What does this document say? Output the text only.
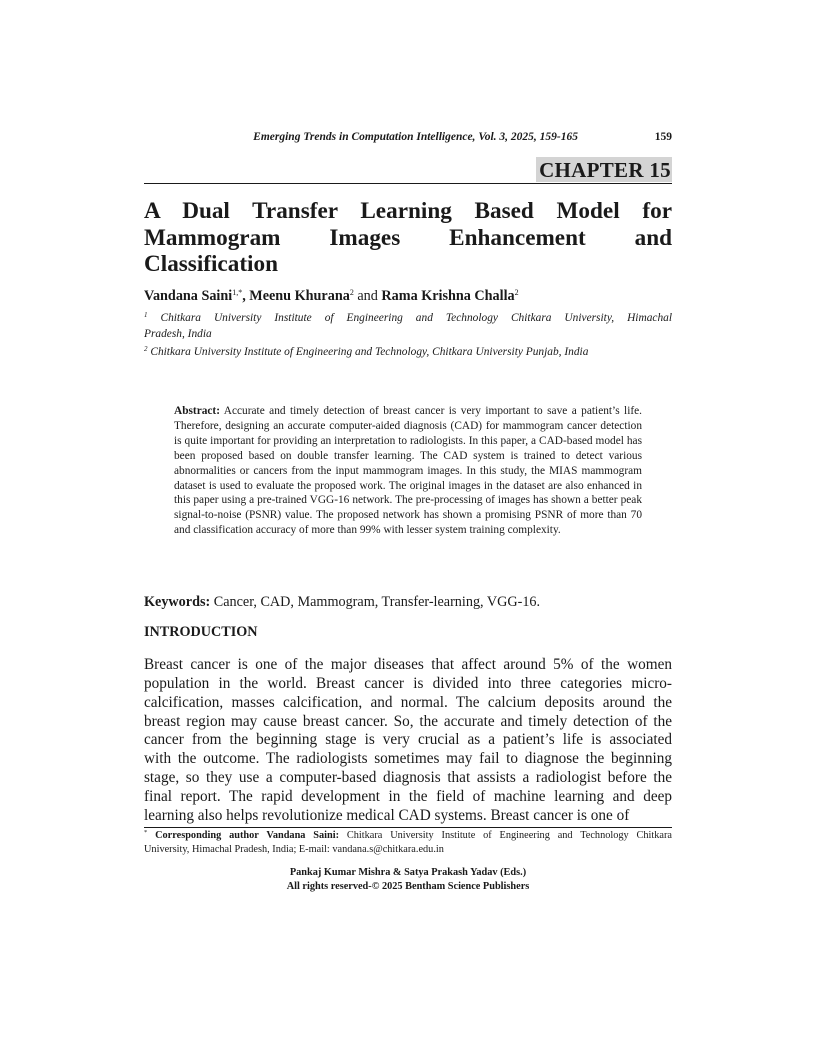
Emerging Trends in Computation Intelligence, Vol. 3, 2025, 159-165	159
CHAPTER 15
A Dual Transfer Learning Based Model for
Mammogram Images Enhancement and
Classification
Vandana Saini$^{1,*}$, Meenu Khurana$^2$ and Rama Krishna Challa$^2$
$^1$ Chitkara University Institute of Engineering and Technology Chitkara University, Himachal
Pradesh, India
$^2$ Chitkara University Institute of Engineering and Technology, Chitkara University Punjab, India
Abstract: Accurate and timely detection of breast cancer is very important to save a patient’s life. Therefore, designing an accurate computer-aided diagnosis (CAD) for mammogram cancer detection is quite important for providing an interpretation to radiologists. In this paper, a CAD-based model has been proposed based on double transfer learning. The CAD system is trained to detect various abnormalities or cancers from the input mammogram images. In this study, the MIAS mammogram dataset is used to evaluate the proposed work. The original images in the dataset are also enhanced in this paper using a pre-trained VGG-16 network. The pre-processing of images has shown a better peak signal-to-noise (PSNR) value. The proposed network has shown a promising PSNR of more than 70 and classification accuracy of more than 99% with lesser system training complexity.
Keywords: Cancer, CAD, Mammogram, Transfer-learning, VGG-16.
INTRODUCTION
Breast cancer is one of the major diseases that affect around 5% of the women
population in the world. Breast cancer is divided into three categories micro-
calcification, masses calcification, and normal. The calcium deposits around the
breast region may cause breast cancer. So, the accurate and timely detection of the
cancer from the beginning stage is very crucial as a patient’s life is associated
with the outcome. The radiologists sometimes may fail to diagnose the beginning
stage, so they use a computer-based diagnosis that assists a radiologist before the
final report. The rapid development in the field of machine learning and deep
learning also helps revolutionize medical CAD systems. Breast cancer is one of
* Corresponding author Vandana Saini: Chitkara University Institute of Engineering and Technology Chitkara
University, Himachal Pradesh, India; E-mail: vandana.s@chitkara.edu.in
Pankaj Kumar Mishra & Satya Prakash Yadav (Eds.)
All rights reserved-© 2025 Bentham Science Publishers
